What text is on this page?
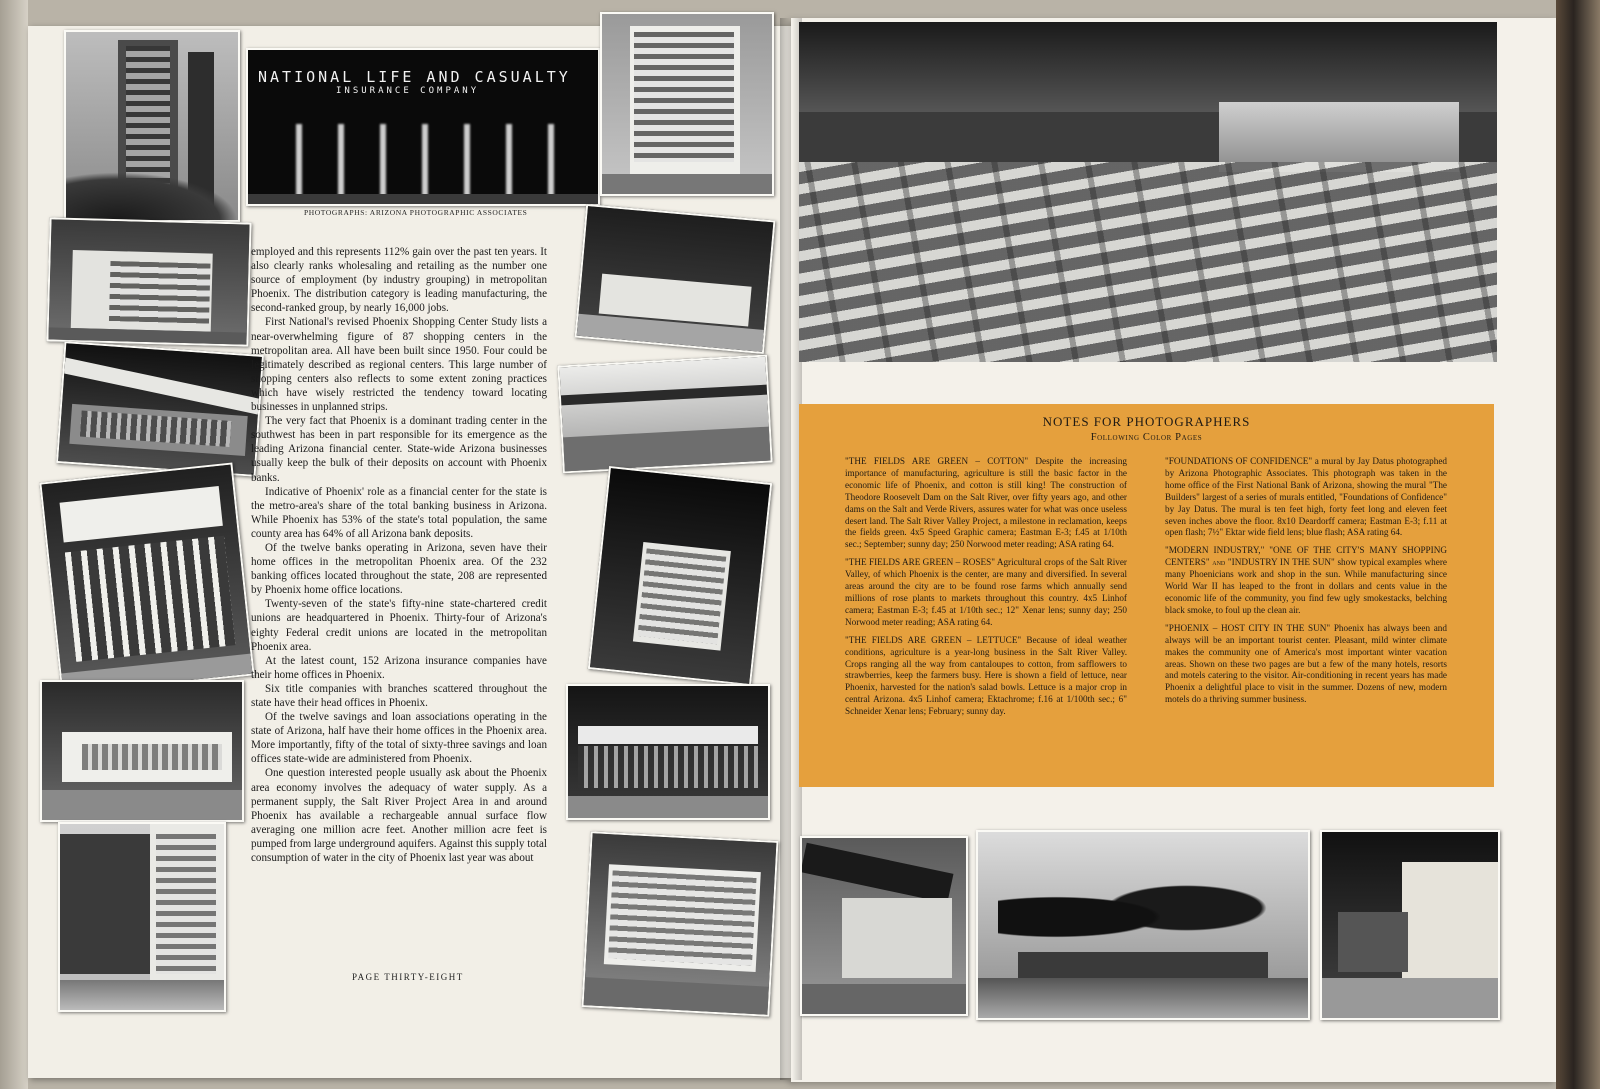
NATIONAL LIFE AND CASUALTY
INSURANCE COMPANY
PHOTOGRAPHS: ARIZONA PHOTOGRAPHIC ASSOCIATES

employed and this represents 112% gain over the past ten years. It also clearly ranks wholesaling and retailing as the number one source of employment (by industry grouping) in metropolitan Phoenix. The distribution category is leading manufacturing, the second-ranked group, by nearly 16,000 jobs.

First National's revised Phoenix Shopping Center Study lists a near-overwhelming figure of 87 shopping centers in the metropolitan area. All have been built since 1950. Four could be legitimately described as regional centers. This large number of shopping centers also reflects to some extent zoning practices which have wisely restricted the tendency toward locating businesses in unplanned strips.

The very fact that Phoenix is a dominant trading center in the southwest has been in part responsible for its emergence as the leading Arizona financial center. State-wide Arizona businesses usually keep the bulk of their deposits on account with Phoenix banks.

Indicative of Phoenix' role as a financial center for the state is the metro-area's share of the total banking business in Arizona. While Phoenix has 53% of the state's total population, the same county area has 64% of all Arizona bank deposits.

Of the twelve banks operating in Arizona, seven have their home offices in the metropolitan Phoenix area. Of the 232 banking offices located throughout the state, 208 are represented by Phoenix home office locations.

Twenty-seven of the state's fifty-nine state-chartered credit unions are headquartered in Phoenix. Thirty-four of Arizona's eighty Federal credit unions are located in the metropolitan Phoenix area.

At the latest count, 152 Arizona insurance companies have their home offices in Phoenix.

Six title companies with branches scattered throughout the state have their head offices in Phoenix.

Of the twelve savings and loan associations operating in the state of Arizona, half have their home offices in the Phoenix area. More importantly, fifty of the total of sixty-three savings and loan offices state-wide are administered from Phoenix.

One question interested people usually ask about the Phoenix area economy involves the adequacy of water supply. As a permanent supply, the Salt River Project Area in and around Phoenix has available a rechargeable annual surface flow averaging one million acre feet. Another million acre feet is pumped from large underground aquifers. Against this supply total consumption of water in the city of Phoenix last year was about

PAGE THIRTY-EIGHT
NOTES FOR PHOTOGRAPHERS
Following Color Pages

"THE FIELDS ARE GREEN – COTTON" Despite the increasing importance of manufacturing, agriculture is still the basic factor in the economic life of Phoenix, and cotton is still king! The construction of Theodore Roosevelt Dam on the Salt River, over fifty years ago, and other dams on the Salt and Verde Rivers, assures water for what was once useless desert land. The Salt River Valley Project, a milestone in reclamation, keeps the fields green. 4x5 Speed Graphic camera; Eastman E-3; f.45 at 1/10th sec.; September; sunny day; 250 Norwood meter reading; ASA rating 64.

"THE FIELDS ARE GREEN – ROSES" Agricultural crops of the Salt River Valley, of which Phoenix is the center, are many and diversified. In several areas around the city are to be found rose farms which annually send millions of rose plants to markets throughout this country. 4x5 Linhof camera; Eastman E-3; f.45 at 1/10th sec.; 12" Xenar lens; sunny day; 250 Norwood meter reading; ASA rating 64.

"THE FIELDS ARE GREEN – LETTUCE" Because of ideal weather conditions, agriculture is a year-long business in the Salt River Valley. Crops ranging all the way from cantaloupes to cotton, from safflowers to strawberries, keep the farmers busy. Here is shown a field of lettuce, near Phoenix, harvested for the nation's salad bowls. Lettuce is a major crop in central Arizona. 4x5 Linhof camera; Ektachrome; f.16 at 1/100th sec.; 6" Schneider Xenar lens; February; sunny day.

"FOUNDATIONS OF CONFIDENCE" a mural by Jay Datus photographed by Arizona Photographic Associates. This photograph was taken in the home office of the First National Bank of Arizona, showing the mural "The Builders" largest of a series of murals entitled, "Foundations of Confidence" by Jay Datus. The mural is ten feet high, forty feet long and eleven feet seven inches above the floor. 8x10 Deardorff camera; Eastman E-3; f.11 at open flash; 7½" Ektar wide field lens; blue flash; ASA rating 64.

"MODERN INDUSTRY," "ONE OF THE CITY'S MANY SHOPPING CENTERS" and "INDUSTRY IN THE SUN" show typical examples where many Phoenicians work and shop in the sun. While manufacturing since World War II has leaped to the front in dollars and cents value in the economic life of the community, you find few ugly smokestacks, belching black smoke, to foul up the clean air.

"PHOENIX – HOST CITY IN THE SUN" Phoenix has always been and always will be an important tourist center. Pleasant, mild winter climate makes the community one of America's most important winter vacation areas. Shown on these two pages are but a few of the many hotels, resorts and motels catering to the visitor. Air-conditioning in recent years has made Phoenix a delightful place to visit in the summer. Dozens of new, modern motels do a thriving summer business.
